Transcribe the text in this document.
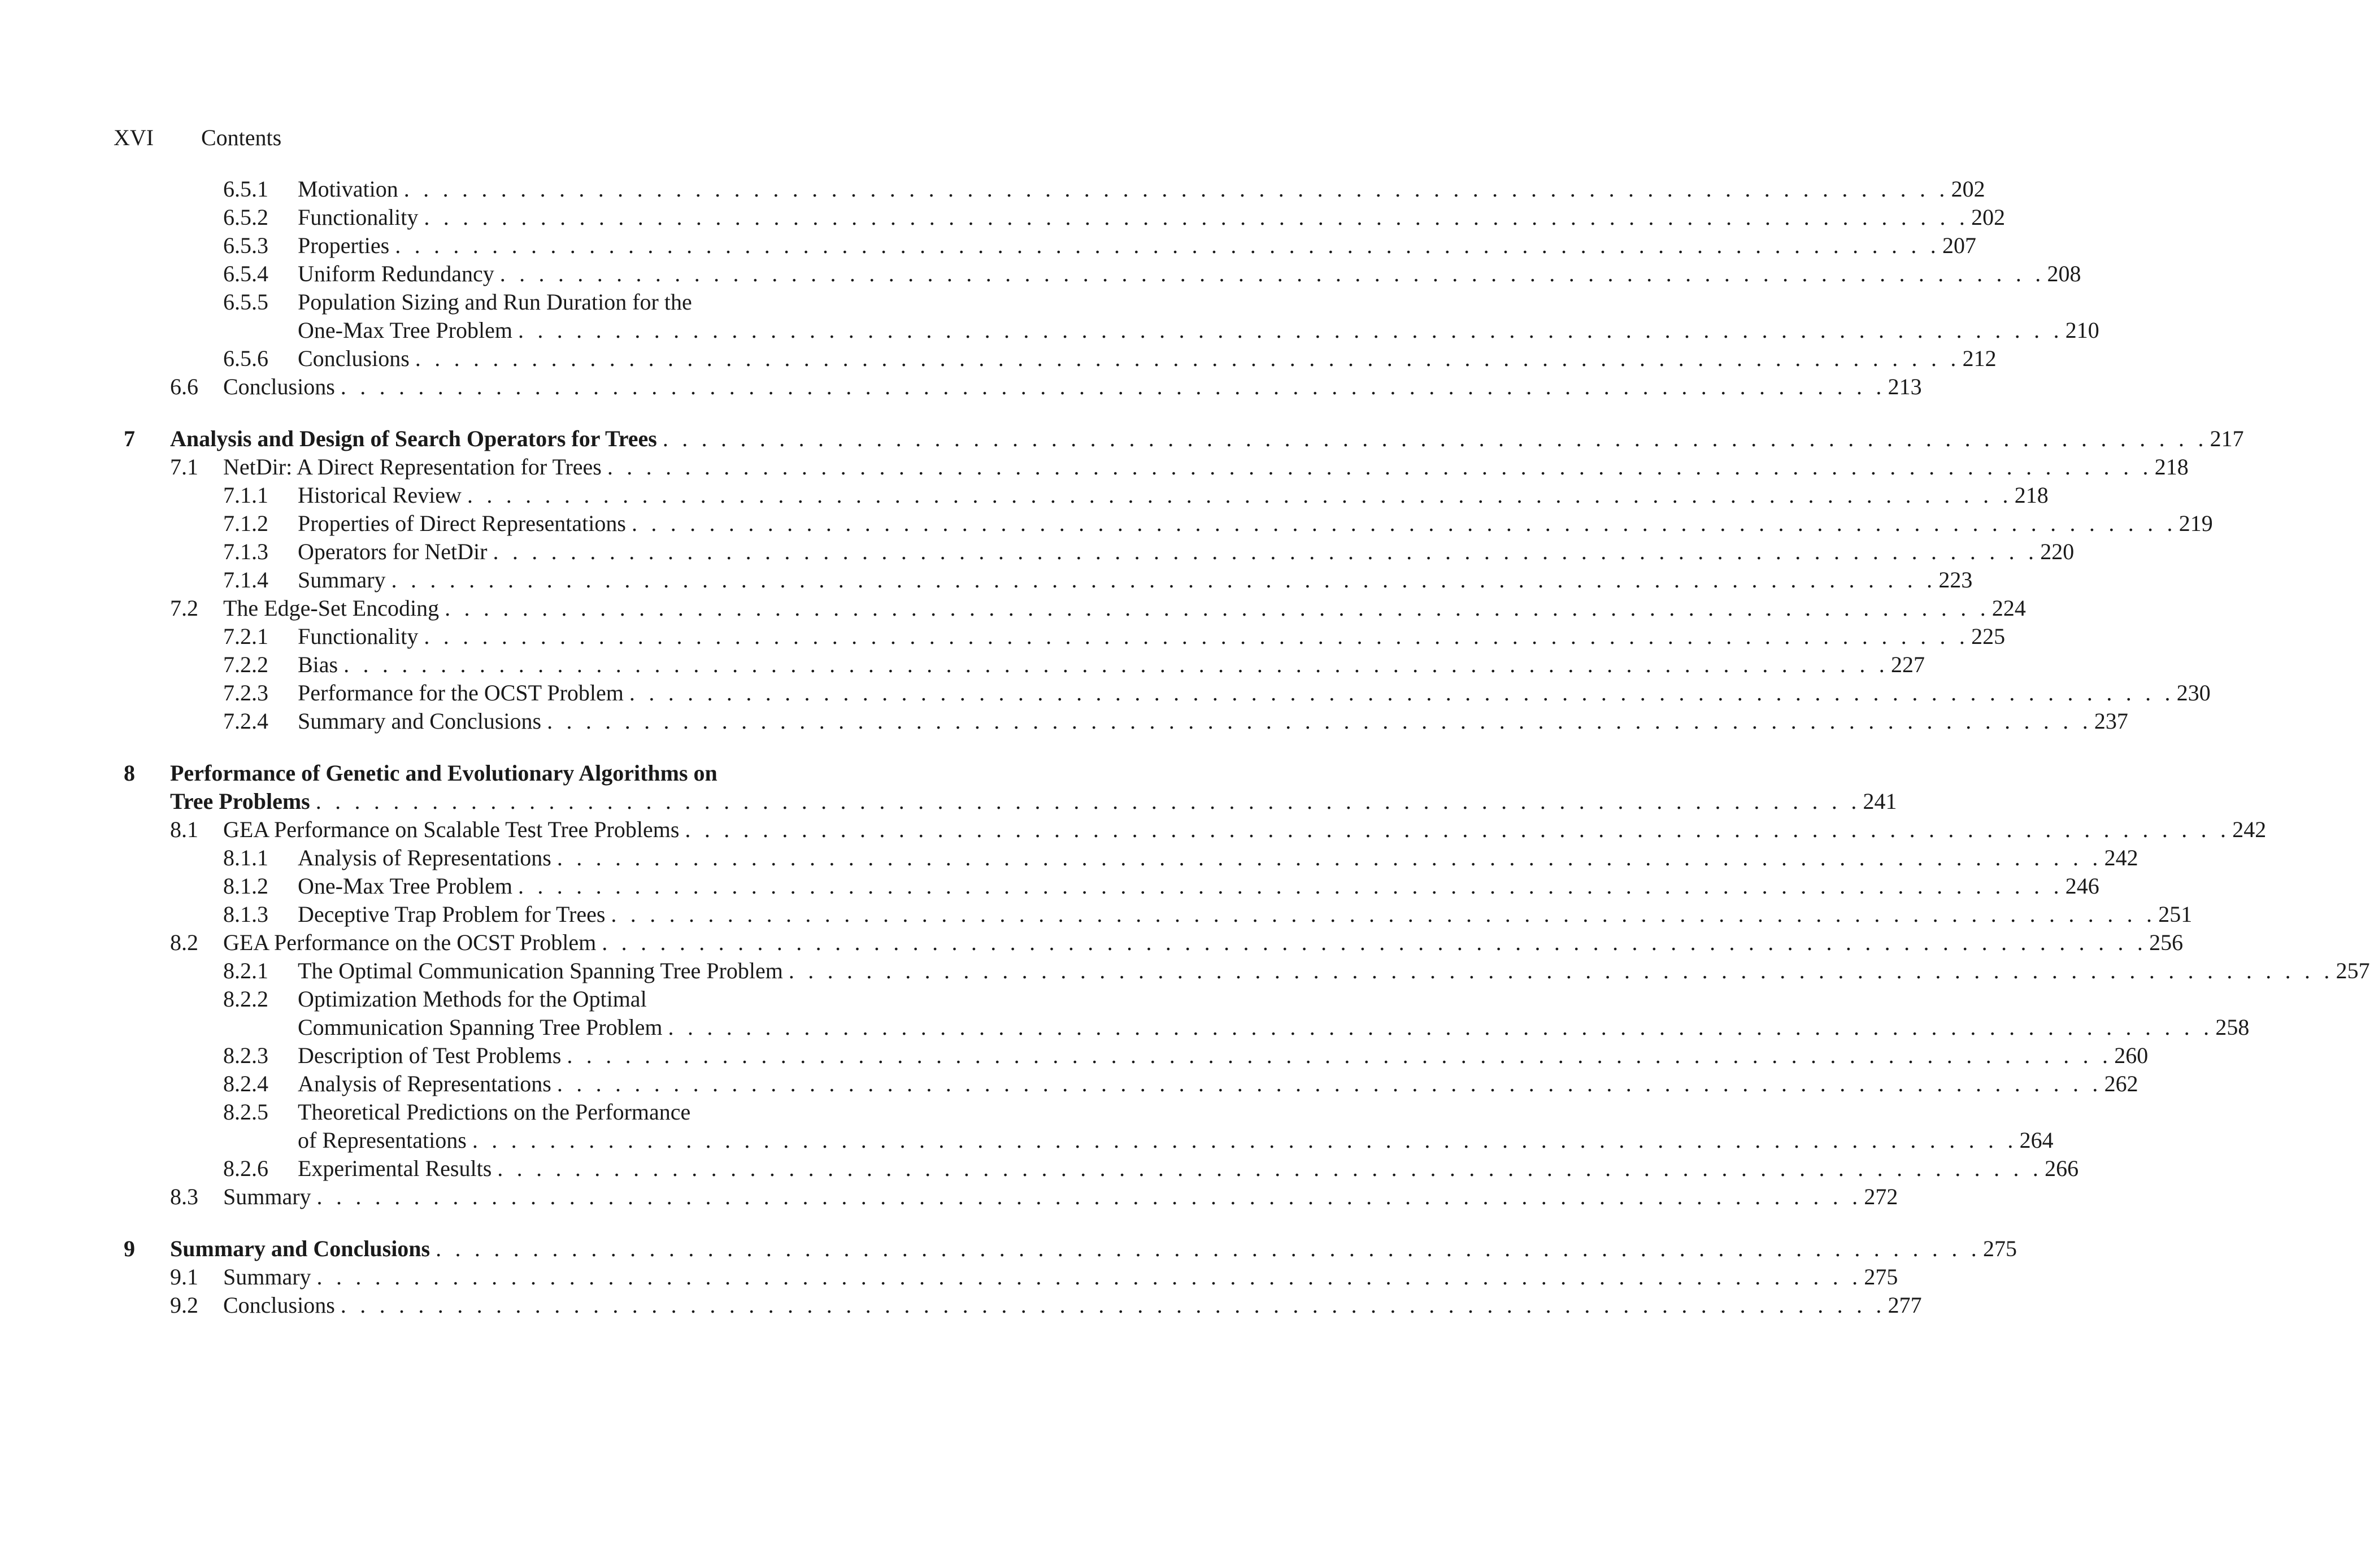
XVI	Contents
6.5.1 Motivation . . . . . . . . . . . . . . . . . . . . . . . . . . . . . . . . . . . . . . . . . . . . . . . . . . . . . . . . . . . . . . . . . . . . . . . . . . . . . . . . 202
6.5.2 Functionality . . . . . . . . . . . . . . . . . . . . . . . . . . . . . . . . . . . . . . . . . . . . . . . . . . . . . . . . . . . . . . . . . . . . . . . . . . . . . . . . 202
6.5.3 Properties . . . . . . . . . . . . . . . . . . . . . . . . . . . . . . . . . . . . . . . . . . . . . . . . . . . . . . . . . . . . . . . . . . . . . . . . . . . . . . . . 207
6.5.4 Uniform Redundancy . . . . . . . . . . . . . . . . . . . . . . . . . . . . . . . . . . . . . . . . . . . . . . . . . . . . . . . . . . . . . . . . . . . . . . . . . . . . . . . . 208
6.5.5 Population Sizing and Run Duration for the
One-Max Tree Problem . . . . . . . . . . . . . . . . . . . . . . . . . . . . . . . . . . . . . . . . . . . . . . . . . . . . . . . . . . . . . . . . . . . . . . . . . . . . . . . . 210
6.5.6 Conclusions . . . . . . . . . . . . . . . . . . . . . . . . . . . . . . . . . . . . . . . . . . . . . . . . . . . . . . . . . . . . . . . . . . . . . . . . . . . . . . . . 212
6.6 Conclusions . . . . . . . . . . . . . . . . . . . . . . . . . . . . . . . . . . . . . . . . . . . . . . . . . . . . . . . . . . . . . . . . . . . . . . . . . . . . . . . . 213
7 Analysis and Design of Search Operators for Trees . . . . . . . . . . . . . . . . . . . . . . . . . . . . . . . . . . . . . . . . . . . . . . . . . . . . . . . . . . . . . . . . . . . . . . . . . . . . . . . . 217
7.1 NetDir: A Direct Representation for Trees . . . . . . . . . . . . . . . . . . . . . . . . . . . . . . . . . . . . . . . . . . . . . . . . . . . . . . . . . . . . . . . . . . . . . . . . . . . . . . . . 218
7.1.1 Historical Review . . . . . . . . . . . . . . . . . . . . . . . . . . . . . . . . . . . . . . . . . . . . . . . . . . . . . . . . . . . . . . . . . . . . . . . . . . . . . . . . 218
7.1.2 Properties of Direct Representations . . . . . . . . . . . . . . . . . . . . . . . . . . . . . . . . . . . . . . . . . . . . . . . . . . . . . . . . . . . . . . . . . . . . . . . . . . . . . . . . 219
7.1.3 Operators for NetDir . . . . . . . . . . . . . . . . . . . . . . . . . . . . . . . . . . . . . . . . . . . . . . . . . . . . . . . . . . . . . . . . . . . . . . . . . . . . . . . . 220
7.1.4 Summary . . . . . . . . . . . . . . . . . . . . . . . . . . . . . . . . . . . . . . . . . . . . . . . . . . . . . . . . . . . . . . . . . . . . . . . . . . . . . . . . 223
7.2 The Edge-Set Encoding . . . . . . . . . . . . . . . . . . . . . . . . . . . . . . . . . . . . . . . . . . . . . . . . . . . . . . . . . . . . . . . . . . . . . . . . . . . . . . . . 224
7.2.1 Functionality . . . . . . . . . . . . . . . . . . . . . . . . . . . . . . . . . . . . . . . . . . . . . . . . . . . . . . . . . . . . . . . . . . . . . . . . . . . . . . . . 225
7.2.2 Bias . . . . . . . . . . . . . . . . . . . . . . . . . . . . . . . . . . . . . . . . . . . . . . . . . . . . . . . . . . . . . . . . . . . . . . . . . . . . . . . . 227
7.2.3 Performance for the OCST Problem . . . . . . . . . . . . . . . . . . . . . . . . . . . . . . . . . . . . . . . . . . . . . . . . . . . . . . . . . . . . . . . . . . . . . . . . . . . . . . . . 230
7.2.4 Summary and Conclusions . . . . . . . . . . . . . . . . . . . . . . . . . . . . . . . . . . . . . . . . . . . . . . . . . . . . . . . . . . . . . . . . . . . . . . . . . . . . . . . . 237
8 Performance of Genetic and Evolutionary Algorithms on
Tree Problems . . . . . . . . . . . . . . . . . . . . . . . . . . . . . . . . . . . . . . . . . . . . . . . . . . . . . . . . . . . . . . . . . . . . . . . . . . . . . . . . 241
8.1 GEA Performance on Scalable Test Tree Problems . . . . . . . . . . . . . . . . . . . . . . . . . . . . . . . . . . . . . . . . . . . . . . . . . . . . . . . . . . . . . . . . . . . . . . . . . . . . . . . . 242
8.1.1 Analysis of Representations . . . . . . . . . . . . . . . . . . . . . . . . . . . . . . . . . . . . . . . . . . . . . . . . . . . . . . . . . . . . . . . . . . . . . . . . . . . . . . . . 242
8.1.2 One-Max Tree Problem . . . . . . . . . . . . . . . . . . . . . . . . . . . . . . . . . . . . . . . . . . . . . . . . . . . . . . . . . . . . . . . . . . . . . . . . . . . . . . . . 246
8.1.3 Deceptive Trap Problem for Trees . . . . . . . . . . . . . . . . . . . . . . . . . . . . . . . . . . . . . . . . . . . . . . . . . . . . . . . . . . . . . . . . . . . . . . . . . . . . . . . . 251
8.2 GEA Performance on the OCST Problem . . . . . . . . . . . . . . . . . . . . . . . . . . . . . . . . . . . . . . . . . . . . . . . . . . . . . . . . . . . . . . . . . . . . . . . . . . . . . . . . 256
8.2.1 The Optimal Communication Spanning Tree Problem . . . . . . . . . . . . . . . . . . . . . . . . . . . . . . . . . . . . . . . . . . . . . . . . . . . . . . . . . . . . . . . . . . . . . . . . . . . . . . . . 257
8.2.2 Optimization Methods for the Optimal
Communication Spanning Tree Problem . . . . . . . . . . . . . . . . . . . . . . . . . . . . . . . . . . . . . . . . . . . . . . . . . . . . . . . . . . . . . . . . . . . . . . . . . . . . . . . . 258
8.2.3 Description of Test Problems . . . . . . . . . . . . . . . . . . . . . . . . . . . . . . . . . . . . . . . . . . . . . . . . . . . . . . . . . . . . . . . . . . . . . . . . . . . . . . . . 260
8.2.4 Analysis of Representations . . . . . . . . . . . . . . . . . . . . . . . . . . . . . . . . . . . . . . . . . . . . . . . . . . . . . . . . . . . . . . . . . . . . . . . . . . . . . . . . 262
8.2.5 Theoretical Predictions on the Performance
of Representations . . . . . . . . . . . . . . . . . . . . . . . . . . . . . . . . . . . . . . . . . . . . . . . . . . . . . . . . . . . . . . . . . . . . . . . . . . . . . . . . 264
8.2.6 Experimental Results . . . . . . . . . . . . . . . . . . . . . . . . . . . . . . . . . . . . . . . . . . . . . . . . . . . . . . . . . . . . . . . . . . . . . . . . . . . . . . . . 266
8.3 Summary . . . . . . . . . . . . . . . . . . . . . . . . . . . . . . . . . . . . . . . . . . . . . . . . . . . . . . . . . . . . . . . . . . . . . . . . . . . . . . . . 272
9 Summary and Conclusions . . . . . . . . . . . . . . . . . . . . . . . . . . . . . . . . . . . . . . . . . . . . . . . . . . . . . . . . . . . . . . . . . . . . . . . . . . . . . . . . 275
9.1 Summary . . . . . . . . . . . . . . . . . . . . . . . . . . . . . . . . . . . . . . . . . . . . . . . . . . . . . . . . . . . . . . . . . . . . . . . . . . . . . . . . 275
9.2 Conclusions . . . . . . . . . . . . . . . . . . . . . . . . . . . . . . . . . . . . . . . . . . . . . . . . . . . . . . . . . . . . . . . . . . . . . . . . . . . . . . . . 277
